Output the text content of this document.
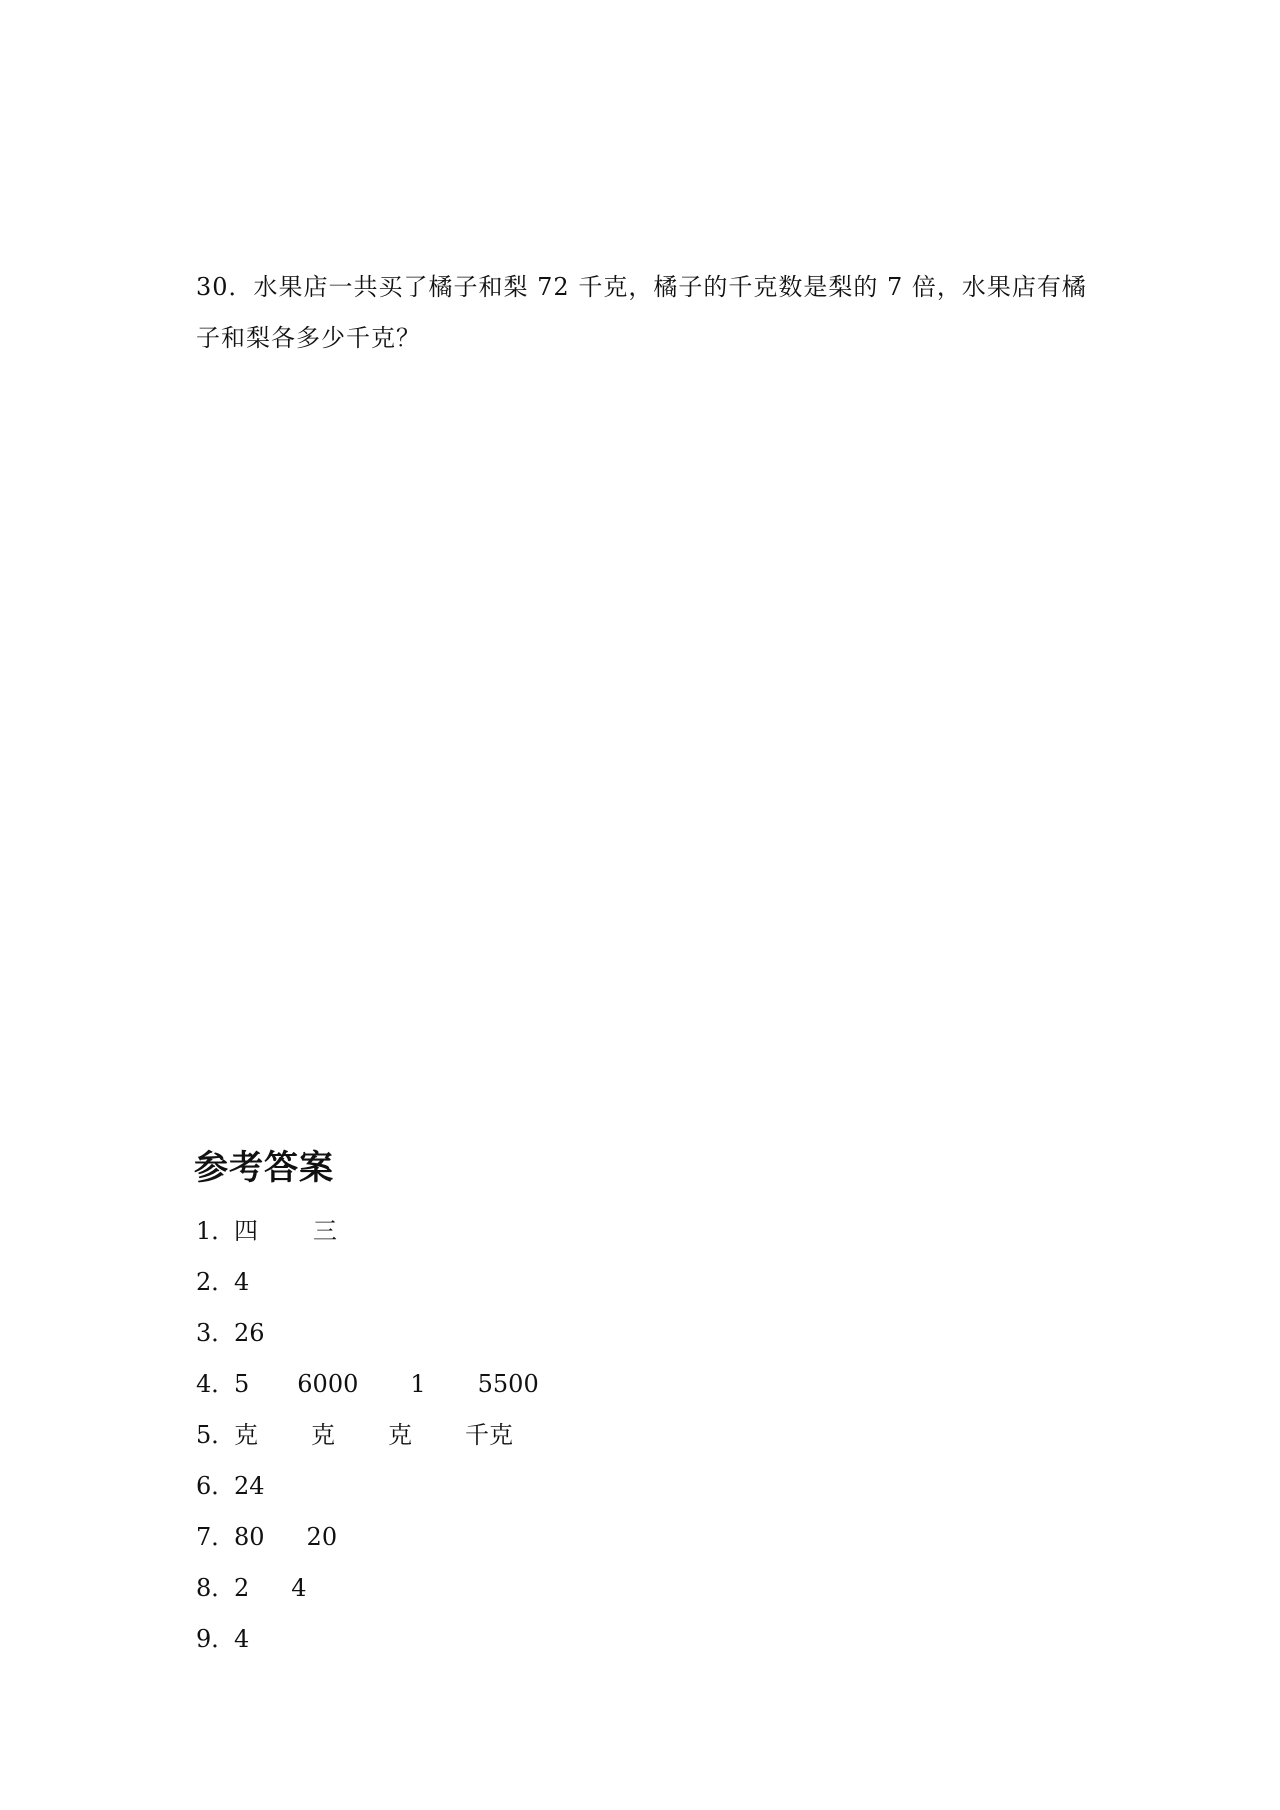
30．水果店一共买了橘子和梨 72 千克，橘子的千克数是梨的 7 倍，水果店有橘
子和梨各多少千克？
参考答案
1．
四 三
2．
4
3．
26
4．
5 6000 1 5500
5．
克 克 克 千克
6．
24
7．
80 20
8．
2 4
9．
4
